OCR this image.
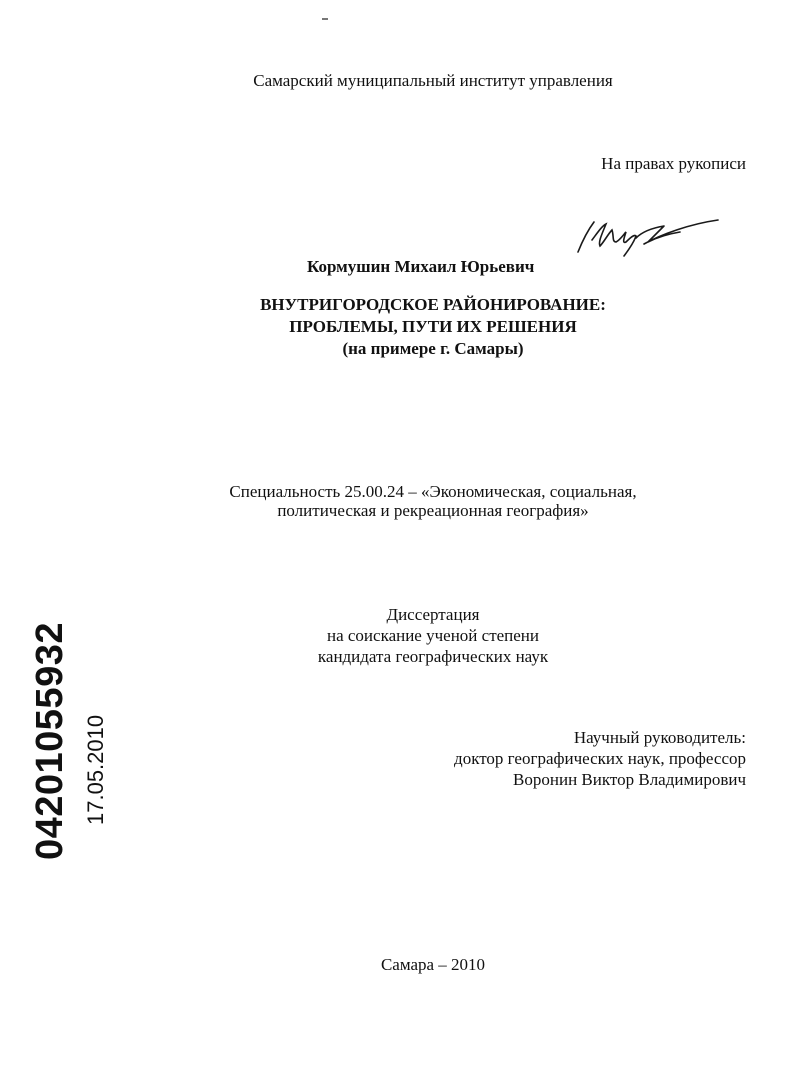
Самарский муниципальный институт управления
На правах рукописи
Кормушин Михаил Юрьевич
ВНУТРИГОРОДСКОЕ РАЙОНИРОВАНИЕ:
ПРОБЛЕМЫ, ПУТИ ИХ РЕШЕНИЯ
(на примере г. Самары)
Специальность 25.00.24 – «Экономическая, социальная,
политическая и рекреационная география»
Диссертация
на соискание ученой степени
кандидата географических наук
Научный руководитель:
доктор географических наук, профессор
Воронин Виктор Владимирович
Самара – 2010
04201055932 17.05.2010
